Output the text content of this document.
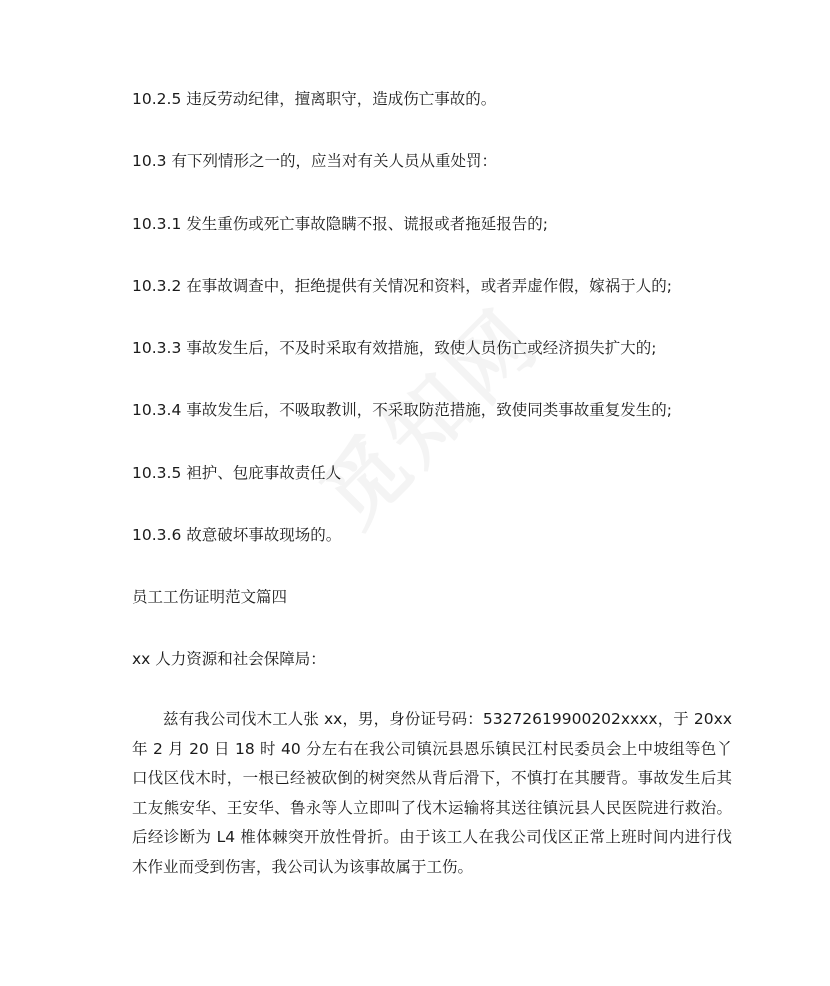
10.2.5 违反劳动纪律，擅离职守，造成伤亡事故的。
10.3 有下列情形之一的，应当对有关人员从重处罚：
10.3.1 发生重伤或死亡事故隐瞒不报、谎报或者拖延报告的;
10.3.2 在事故调查中，拒绝提供有关情况和资料，或者弄虚作假，嫁祸于人的;
10.3.3 事故发生后，不及时采取有效措施，致使人员伤亡或经济损失扩大的;
10.3.4 事故发生后，不吸取教训，不采取防范措施，致使同类事故重复发生的;
10.3.5 袒护、包庇事故责任人
10.3.6 故意破坏事故现场的。
员工工伤证明范文篇四
xx 人力资源和社会保障局：
兹有我公司伐木工人张 xx，男，身份证号码：53272619900202xxxx，于 20xx 年 2 月 20 日 18 时 40 分左右在我公司镇沅县恩乐镇民江村民委员会上中坡组等色丫口伐区伐木时，一根已经被砍倒的树突然从背后滑下，不慎打在其腰背。事故发生后其工友熊安华、王安华、鲁永等人立即叫了伐木运输将其送往镇沅县人民医院进行救治。后经诊断为 L4 椎体棘突开放性骨折。由于该工人在我公司伐区正常上班时间内进行伐木作业而受到伤害，我公司认为该事故属于工伤。
